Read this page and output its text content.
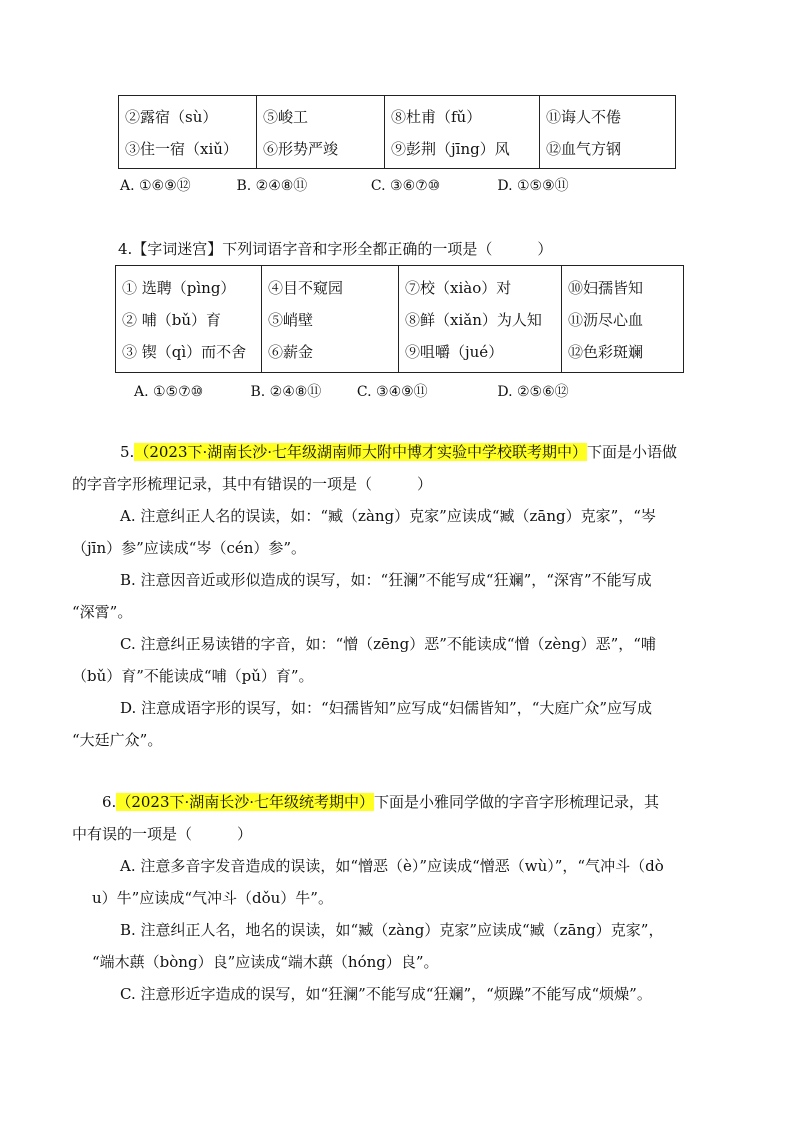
②露宿（sù）
③住一宿（xiǔ）

⑤峻工
⑥形势严竣

⑧杜甫（fǔ）
⑨彭荆（jīng）风

⑪诲人不倦
⑫血气方钢
A. ①⑥⑨⑫	B. ②④⑧⑪	C. ③⑥⑦⑩	D. ①⑤⑨⑪
4.【字词迷宫】下列词语字音和字形全都正确的一项是（　　　）
① 选聘（pìng）
② 哺（bǔ）育
③ 锲（qì）而不舍

④目不窥园
⑤峭壁
⑥薪金

⑦校（xiào）对
⑧鲜（xiǎn）为人知
⑨咀嚼（jué）

⑩妇孺皆知
⑪沥尽心血
⑫色彩斑斓
A. ①⑤⑦⑩	B. ②④⑧⑪	C. ③④⑨⑪	D. ②⑤⑥⑫
5.（2023下·湖南长沙·七年级湖南师大附中博才实验中学校联考期中）下面是小语做
的字音字形梳理记录，其中有错误的一项是（　　　）
A. 注意纠正人名的误读，如：“臧（zàng）克家”应读成“臧（zāng）克家”，“岑
（jīn）参”应读成“岑（cén）参”。
B. 注意因音近或形似造成的误写，如：“狂澜”不能写成“狂斓”，“深宵”不能写成
“深霄”。
C. 注意纠正易读错的字音，如：“憎（zēng）恶”不能读成“憎（zèng）恶”，“哺
（bǔ）育”不能读成“哺（pǔ）育”。
D. 注意成语字形的误写，如：“妇孺皆知”应写成“妇儒皆知”，“大庭广众”应写成
“大廷广众”。
6.（2023下·湖南长沙·七年级统考期中）下面是小雅同学做的字音字形梳理记录，其
中有误的一项是（　　　）
A. 注意多音字发音造成的误读，如“憎恶（è）”应读成“憎恶（wù）”，“气冲斗（dò
u）牛”应读成“气冲斗（dǒu）牛”。
B. 注意纠正人名，地名的误读，如“臧（zàng）克家”应读成“臧（zāng）克家”，
“端木蕻（bòng）良”应读成“端木蕻（hóng）良”。
C. 注意形近字造成的误写，如“狂澜”不能写成“狂斓”，“烦躁”不能写成“烦燥”。
